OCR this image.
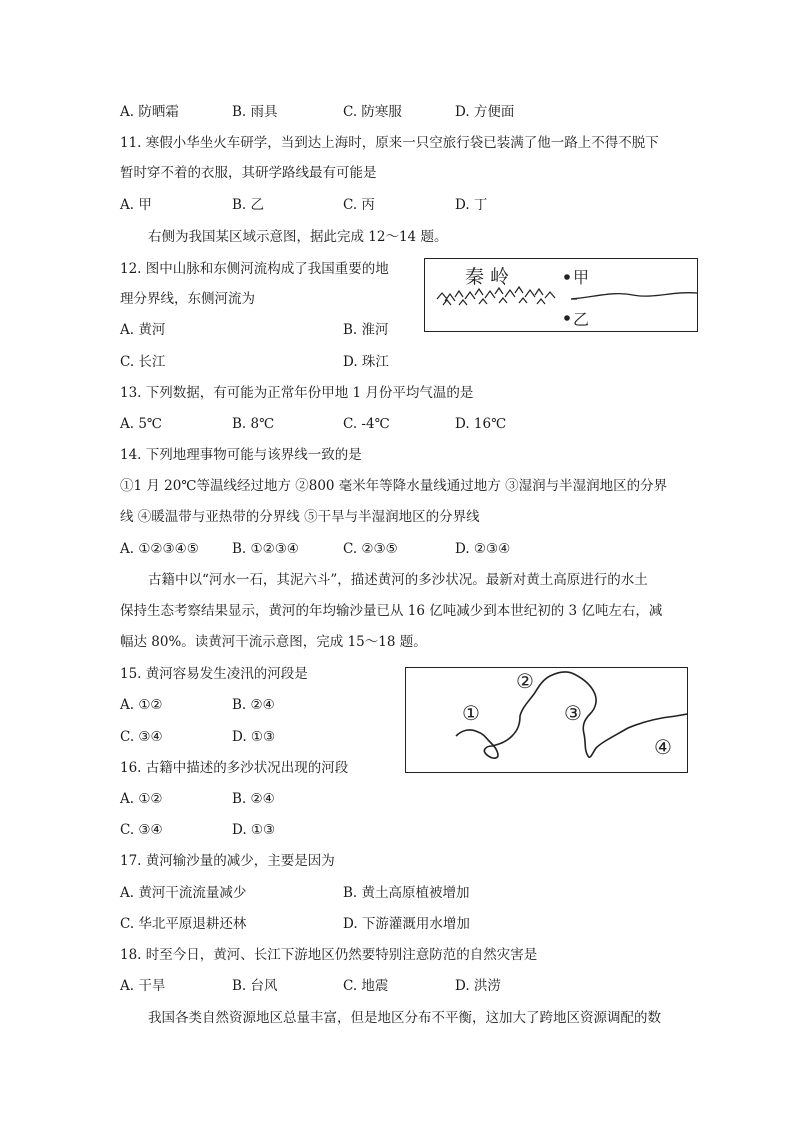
A. 防晒霜	B. 雨具	C. 防寒服	D. 方便面
11. 寒假小华坐火车研学，当到达上海时，原来一只空旅行袋已装满了他一路上不得不脱下
暂时穿不着的衣服，其研学路线最有可能是
A. 甲	B. 乙	C. 丙	D. 丁
右侧为我国某区域示意图，据此完成 12～14 题。
12. 图中山脉和东侧河流构成了我国重要的地
理分界线，东侧河流为
A. 黄河	B. 淮河
C. 长江	D. 珠江
秦 岭	甲
乙
13. 下列数据，有可能为正常年份甲地 1 月份平均气温的是
A. 5℃	B. 8℃	C. -4℃	D. 16℃
14. 下列地理事物可能与该界线一致的是
①1 月 20℃等温线经过地方 ②800 毫米年等降水量线通过地方 ③湿润与半湿润地区的分界
线 ④暖温带与亚热带的分界线 ⑤干旱与半湿润地区的分界线
A. ①②③④⑤ B. ①②③④	C. ②③⑤	D. ②③④
古籍中以“河水一石，其泥六斗”，描述黄河的多沙状况。最新对黄土高原进行的水土
保持生态考察结果显示，黄河的年均输沙量已从 16 亿吨减少到本世纪初的 3 亿吨左右，减
幅达 80%。读黄河干流示意图，完成 15～18 题。
15. 黄河容易发生凌汛的河段是
A. ①②	B. ②④
C. ③④	D. ①③
①
②
③
④
16. 古籍中描述的多沙状况出现的河段
A. ①②	B. ②④
C. ③④	D. ①③
17. 黄河输沙量的减少，主要是因为
A. 黄河干流流量减少	B. 黄土高原植被增加
C. 华北平原退耕还林	D. 下游灌溉用水增加
18. 时至今日，黄河、长江下游地区仍然要特别注意防范的自然灾害是
A. 干旱	B. 台风	C. 地震	D. 洪涝
我国各类自然资源地区总量丰富，但是地区分布不平衡，这加大了跨地区资源调配的数
